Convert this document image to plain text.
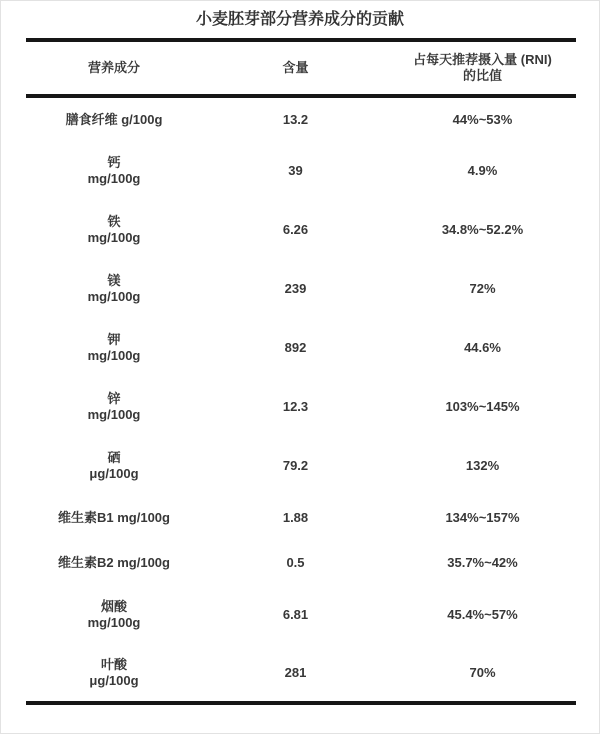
小麦胚芽部分营养成分的贡献
营养成分	含量	占每天推荐摄入量 (RNI)
的比值

膳食纤维 g/100g	13.2	44%~53%

钙
mg/100g	39	4.9%

铁
mg/100g	6.26	34.8%~52.2%

镁
mg/100g	239	72%

钾
mg/100g	892	44.6%

锌
mg/100g	12.3	103%~145%

硒
μg/100g	79.2	132%

维生素B1 mg/100g	1.88	134%~157%

维生素B2 mg/100g	0.5	35.7%~42%

烟酸
mg/100g	6.81	45.4%~57%

叶酸
μg/100g	281	70%
